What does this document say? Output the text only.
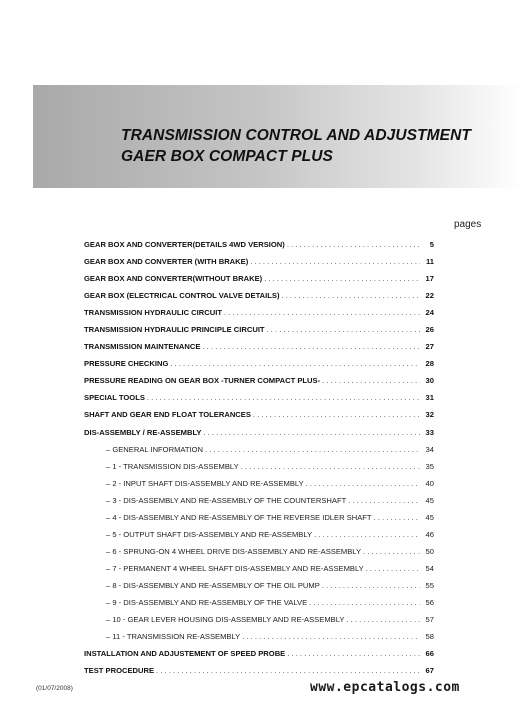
TRANSMISSION CONTROL AND ADJUSTMENT
GAER BOX COMPACT PLUS
pages
GEAR BOX AND CONVERTER(DETAILS 4WD VERSION) . . .	5
GEAR BOX AND CONVERTER (WITH BRAKE) . . .	11
GEAR BOX AND CONVERTER(WITHOUT BRAKE) . . .	17
GEAR BOX (ELECTRICAL CONTROL VALVE DETAILS) . . .	22
TRANSMISSION HYDRAULIC CIRCUIT . . .	24
TRANSMISSION HYDRAULIC PRINCIPLE CIRCUIT . . .	26
TRANSMISSION MAINTENANCE . . .	27
PRESSURE CHECKING . . .	28
PRESSURE READING ON GEAR BOX -TURNER COMPACT PLUS- . . .	30
SPECIAL TOOLS . . .	31
SHAFT AND GEAR END FLOAT TOLERANCES . . .	32
DIS-ASSEMBLY / RE-ASSEMBLY . . .	33
– GENERAL INFORMATION . . .	34
– 1 - TRANSMISSION DIS-ASSEMBLY . . .	35
– 2 - INPUT SHAFT DIS-ASSEMBLY AND RE-ASSEMBLY . . .	40
– 3 - DIS-ASSEMBLY AND RE-ASSEMBLY OF THE COUNTERSHAFT . . .	45
– 4 - DIS-ASSEMBLY AND RE-ASSEMBLY OF THE REVERSE IDLER SHAFT . . .	45
– 5 - OUTPUT SHAFT DIS-ASSEMBLY AND RE-ASSEMBLY . . .	46
– 6 - SPRUNG-ON 4 WHEEL DRIVE DIS-ASSEMBLY AND RE-ASSEMBLY . . .	50
– 7 - PERMANENT 4 WHEEL SHAFT DIS-ASSEMBLY AND RE-ASSEMBLY . . .	54
– 8 - DIS-ASSEMBLY AND RE-ASSEMBLY OF THE OIL PUMP . . .	55
– 9 - DIS-ASSEMBLY AND RE-ASSEMBLY OF THE VALVE . . .	56
– 10 - GEAR LEVER HOUSING DIS-ASSEMBLY AND RE-ASSEMBLY . . .	57
– 11 - TRANSMISSION RE-ASSEMBLY . . .	58
INSTALLATION AND ADJUSTEMENT OF SPEED PROBE . . .	66
TEST PROCEDURE . . .	67
(01/07/2008)	www.epcatalogs.com
